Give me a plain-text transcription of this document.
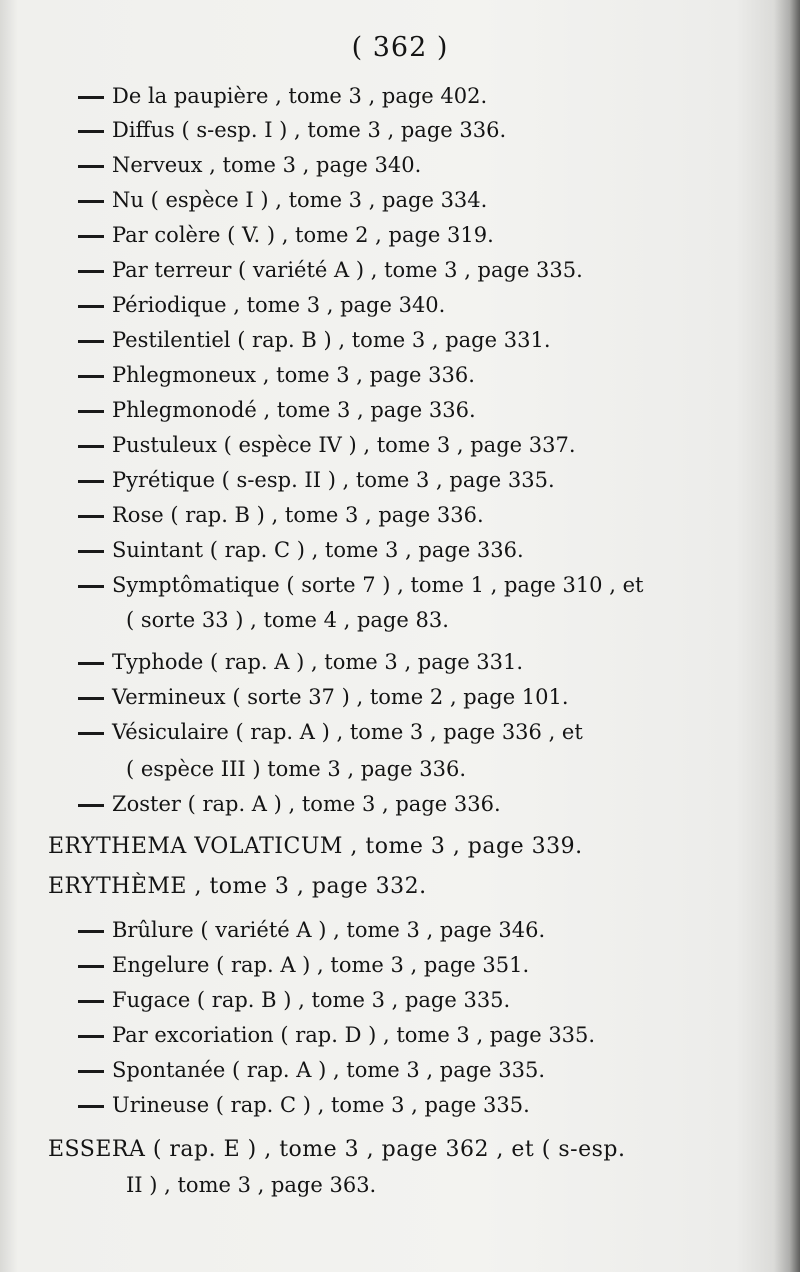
( 362 )
De la paupière , tome 3 , page 402.
Diffus ( s-esp. I ) , tome 3 , page 336.
Nerveux , tome 3 , page 340.
Nu ( espèce I ) , tome 3 , page 334.
Par colère ( V. ) , tome 2 , page 319.
Par terreur ( variété A ) , tome 3 , page 335.
Périodique , tome 3 , page 340.
Pestilentiel ( rap. B ) , tome 3 , page 331.
Phlegmoneux , tome 3 , page 336.
Phlegmonodé , tome 3 , page 336.
Pustuleux ( espèce IV ) , tome 3 , page 337.
Pyrétique ( s-esp. II ) , tome 3 , page 335.
Rose ( rap. B ) , tome 3 , page 336.
Suintant ( rap. C ) , tome 3 , page 336.
Symptômatique ( sorte 7 ) , tome 1 , page 310 , et
( sorte 33 ) , tome 4 , page 83.
Typhode ( rap. A ) , tome 3 , page 331.
Vermineux ( sorte 37 ) , tome 2 , page 101.
Vésiculaire ( rap. A ) , tome 3 , page 336 , et
( espèce III ) tome 3 , page 336.
Zoster ( rap. A ) , tome 3 , page 336.
ERYTHEMA VOLATICUM , tome 3 , page 339.
ERYTHÈME , tome 3 , page 332.
Brûlure ( variété A ) , tome 3 , page 346.
Engelure ( rap. A ) , tome 3 , page 351.
Fugace ( rap. B ) , tome 3 , page 335.
Par excoriation ( rap. D ) , tome 3 , page 335.
Spontanée ( rap. A ) , tome 3 , page 335.
Urineuse ( rap. C ) , tome 3 , page 335.
ESSERA ( rap. E ) , tome 3 , page 362 , et ( s-esp.
II ) , tome 3 , page 363.
